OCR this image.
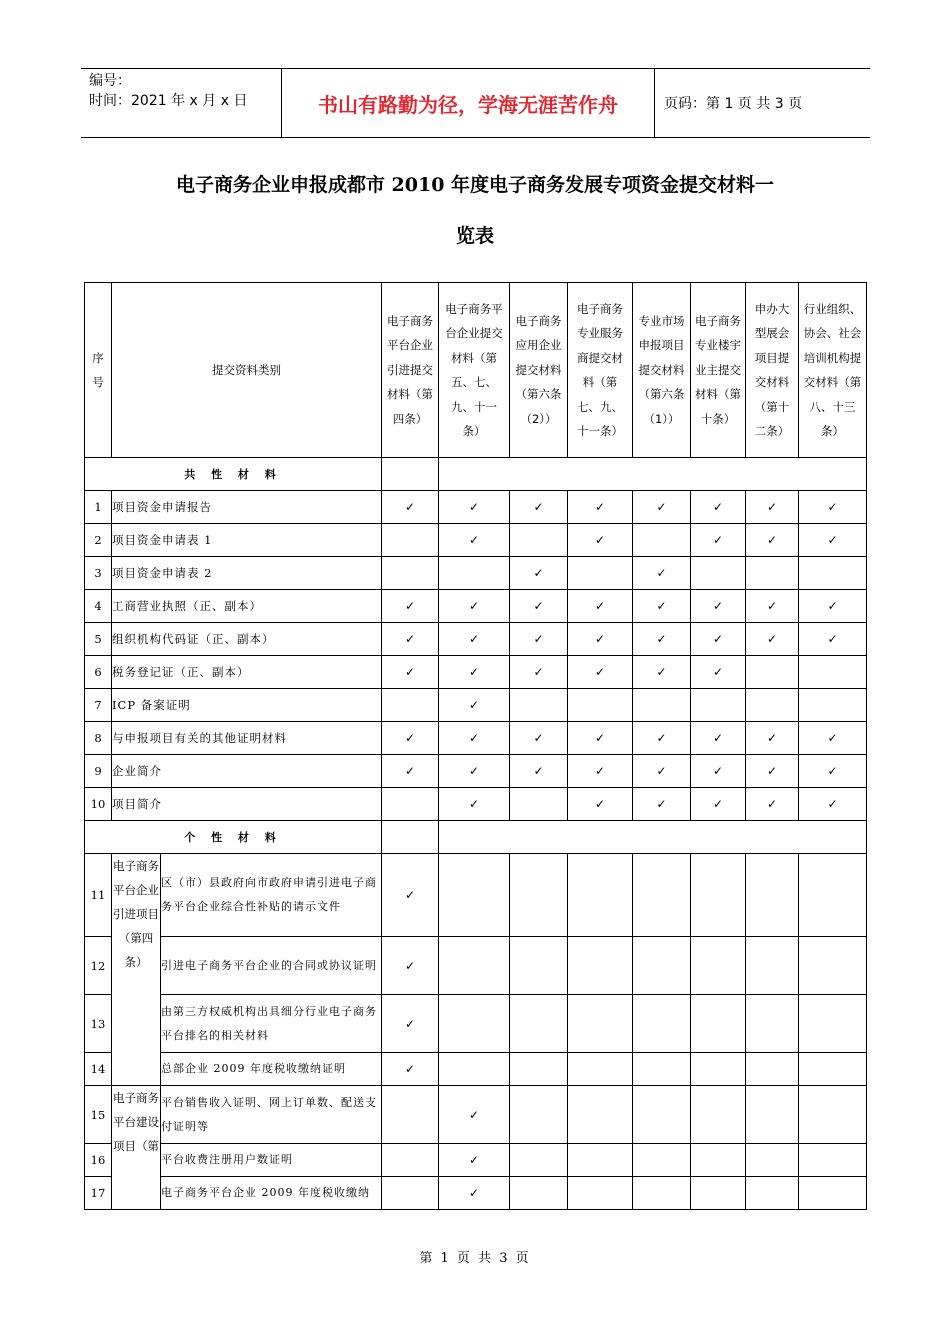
编号：
时间：2021 年 x 月 x 日	书山有路勤为径，学海无涯苦作舟	页码：第 1 页 共 3 页
电子商务企业申报成都市 2010 年度电子商务发展专项资金提交材料一
览表
序号	提交资料类别		电子商务平台企业引进提交材料（第四条）	电子商务平台企业提交材料（第五、七、九、十一条）	电子商务应用企业提交材料（第六条（2））	电子商务专业服务商提交材料（第七、九、十一条）	专业市场申报项目提交材料（第六条（1））	电子商务专业楼宇业主提交材料（第十条）	申办大型展会项目提交材料（第十二条）	行业组织、协会、社会培训机构提交材料（第八、十三条）
共 性 材 料										
1	项目资金申请报告		✓	✓	✓	✓	✓	✓	✓	✓
2	项目资金申请表 1			✓		✓		✓	✓	✓
3	项目资金申请表 2				✓		✓			
4	工商营业执照（正、副本）		✓	✓	✓	✓	✓	✓	✓	✓
5	组织机构代码证（正、副本）		✓	✓	✓	✓	✓	✓	✓	✓
6	税务登记证（正、副本）		✓	✓	✓	✓	✓	✓		
7	ICP 备案证明			✓						
8	与申报项目有关的其他证明材料		✓	✓	✓	✓	✓	✓	✓	✓
9	企业简介		✓	✓	✓	✓	✓	✓	✓	✓
10	项目简介			✓		✓	✓	✓	✓	✓
个 性 材 料										
11	电子商务平台企业引进项目（第四条）	区（市）县政府向市政府申请引进电子商务平台企业综合性补贴的请示文件	✓							
12		引进电子商务平台企业的合同或协议证明	✓							
13		由第三方权威机构出具细分行业电子商务平台排名的相关材料	✓							
14		总部企业 2009 年度税收缴纳证明	✓							
15	电子商务平台建设项目（第	平台销售收入证明、网上订单数、配送支付证明等		✓						
16		平台收费注册用户数证明		✓						
17		电子商务平台企业 2009 年度税收缴纳		✓						
第 1 页 共 3 页
